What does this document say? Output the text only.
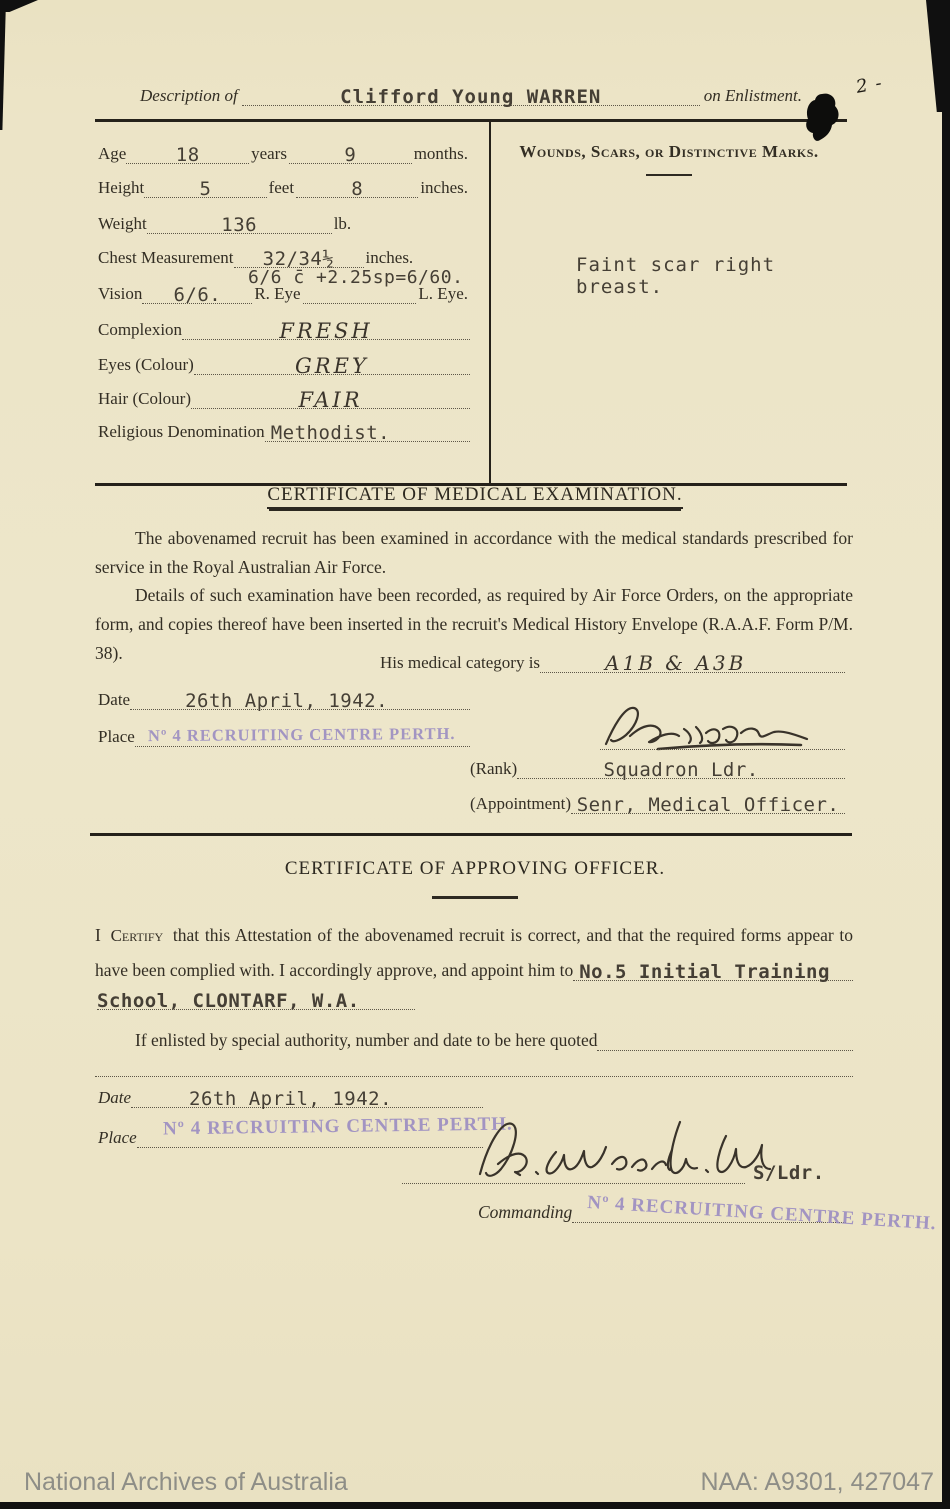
2-
Description of	Clifford Young WARREN	on Enlistment.
Age	18	years	9	months.
Height	5	feet	8	inches.
Weight	136	lb.
Chest Measurement	32/34½	inches.
6/6 c̄ +2.25sp=6/60.
Vision	6/6.	R. Eye	L. Eye.
Complexion	FRESH
Eyes (Colour)	GREY
Hair (Colour)	FAIR
Religious Denomination Methodist.
Wounds, Scars, or Distinctive Marks.
Faint scar right breast.
CERTIFICATE OF MEDICAL EXAMINATION.
The abovenamed recruit has been examined in accordance with the medical standards prescribed for service in the Royal Australian Air Force.
Details of such examination have been recorded, as required by Air Force Orders, on the appropriate form, and copies thereof have been inserted in the recruit's Medical History Envelope (R.A.A.F. Form P/M. 38).	His medical category is	A1B & A3B
Date	26th April, 1942.
Place Nº 4 RECRUITING CENTRE PERTH.
(Rank)	Squadron Ldr.
(Appointment) Senr, Medical Officer.
CERTIFICATE OF APPROVING OFFICER.
I Certify that this Attestation of the abovenamed recruit is correct, and that the required forms appear to
have been complied with. I accordingly approve, and appoint him to No.5 Initial Training
School, CLONTARF, W.A.
If enlisted by special authority, number and date to be here quoted
Date	26th April, 1942.
Place Nº 4 RECRUITING CENTRE PERTH.
S/Ldr.
Commanding Nº 4 RECRUITING CENTRE PERTH.
National Archives of Australia	NAA: A9301, 427047
